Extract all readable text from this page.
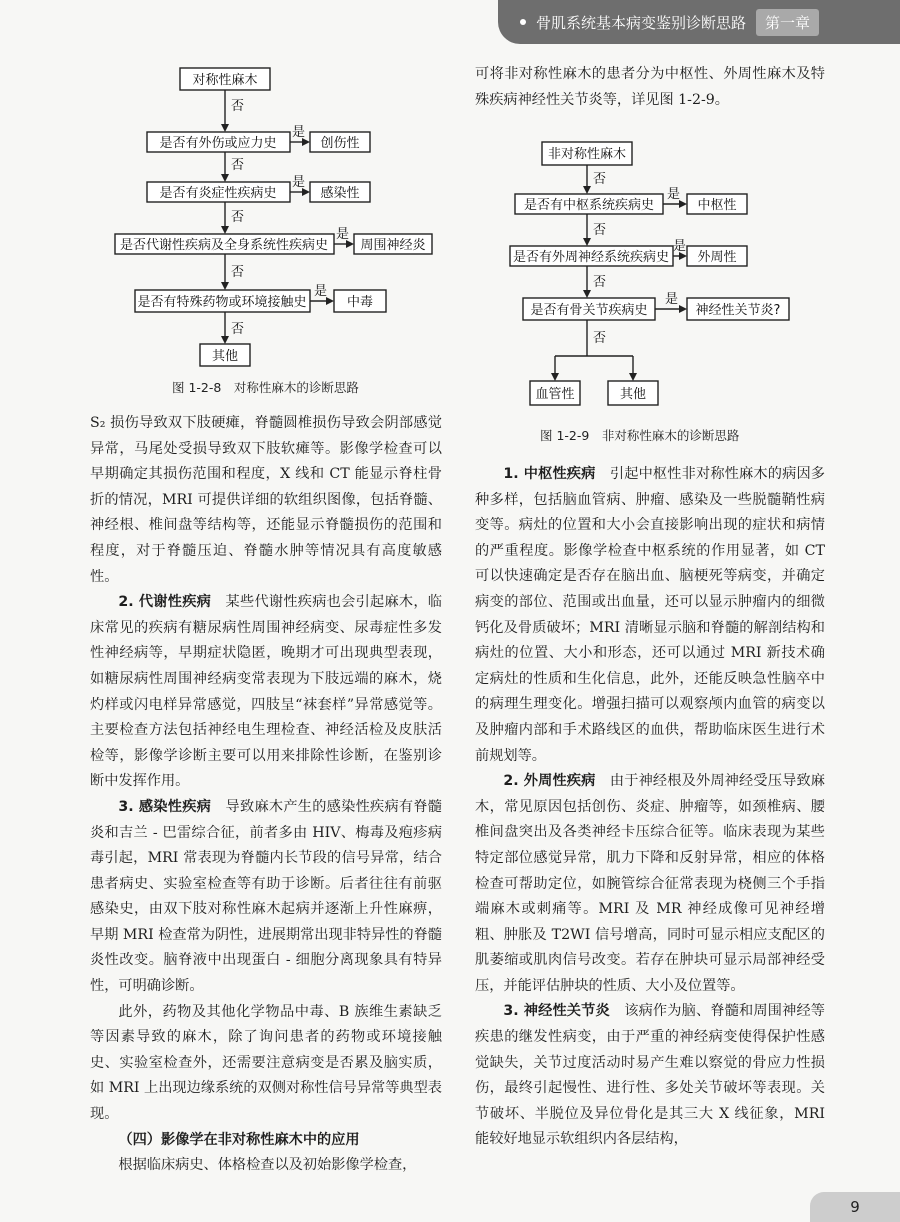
骨肌系统基本病变鉴别诊断思路	第一章
对称性麻木
是否有外伤或应力史	创伤性
是否有炎症性疾病史	感染性
是否代谢性疾病及全身系统性疾病史 周围神经炎
是否有特殊药物或环境接触史	中毒
其他
否
否
否
否
否
是
是
是
是
图 1-2-8　对称性麻木的诊断思路
非对称性麻木
是否有中枢系统疾病史	中枢性
是否有外周神经系统疾病史 外周性
是否有骨关节疾病史	神经性关节炎?
血管性	其他
否
否
否
否
是
是
是
图 1-2-9　非对称性麻木的诊断思路

S₂ 损伤导致双下肢硬瘫，脊髓圆椎损伤导致会阴部感觉异常，马尾处受损导致双下肢软瘫等。影像学检查可以早期确定其损伤范围和程度，X 线和 CT 能显示脊柱骨折的情况，MRI 可提供详细的软组织图像，包括脊髓、神经根、椎间盘等结构等，还能显示脊髓损伤的范围和程度，对于脊髓压迫、脊髓水肿等情况具有高度敏感性。

2. 代谢性疾病　 某些代谢性疾病也会引起麻木，临床常见的疾病有糖尿病性周围神经病变、尿毒症性多发性神经病等，早期症状隐匿，晚期才可出现典型表现，如糖尿病性周围神经病变常表现为下肢远端的麻木，烧灼样或闪电样异常感觉，四肢呈“袜套样”异常感觉等。主要检查方法包括神经电生理检查、神经活检及皮肤活检等，影像学诊断主要可以用来排除性诊断，在鉴别诊断中发挥作用。

3. 感染性疾病　 导致麻木产生的感染性疾病有脊髓炎和吉兰 - 巴雷综合征，前者多由 HIV、梅毒及疱疹病毒引起，MRI 常表现为脊髓内长节段的信号异常，结合患者病史、实验室检查等有助于诊断。后者往往有前驱感染史，由双下肢对称性麻木起病并逐渐上升性麻痹，早期 MRI 检查常为阴性，进展期常出现非特异性的脊髓炎性改变。脑脊液中出现蛋白 - 细胞分离现象具有特异性，可明确诊断。

此外，药物及其他化学物品中毒、B 族维生素缺乏等因素导致的麻木，除了询问患者的药物或环境接触史、实验室检查外，还需要注意病变是否累及脑实质，如 MRI 上出现边缘系统的双侧对称性信号异常等典型表现。

（四）影像学在非对称性麻木中的应用

根据临床病史、体格检查以及初始影像学检查，

可将非对称性麻木的患者分为中枢性、外周性麻木及特殊疾病神经性关节炎等，详见图 1-2-9。

1. 中枢性疾病　 引起中枢性非对称性麻木的病因多种多样，包括脑血管病、肿瘤、感染及一些脱髓鞘性病变等。病灶的位置和大小会直接影响出现的症状和病情的严重程度。影像学检查中枢系统的作用显著，如 CT 可以快速确定是否存在脑出血、脑梗死等病变，并确定病变的部位、范围或出血量，还可以显示肿瘤内的细微钙化及骨质破坏；MRI 清晰显示脑和脊髓的解剖结构和病灶的位置、大小和形态，还可以通过 MRI 新技术确定病灶的性质和生化信息，此外，还能反映急性脑卒中的病理生理变化。增强扫描可以观察颅内血管的病变以及肿瘤内部和手术路线区的血供，帮助临床医生进行术前规划等。

2. 外周性疾病　 由于神经根及外周神经受压导致麻木，常见原因包括创伤、炎症、肿瘤等，如颈椎病、腰椎间盘突出及各类神经卡压综合征等。临床表现为某些特定部位感觉异常，肌力下降和反射异常，相应的体格检查可帮助定位，如腕管综合征常表现为桡侧三个手指端麻木或刺痛等。MRI 及 MR 神经成像可见神经增粗、肿胀及 T2WI 信号增高，同时可显示相应支配区的肌萎缩或肌肉信号改变。若存在肿块可显示局部神经受压，并能评估肿块的性质、大小及位置等。

3. 神经性关节炎　 该病作为脑、脊髓和周围神经等疾患的继发性病变，由于严重的神经病变使得保护性感觉缺失，关节过度活动时易产生难以察觉的骨应力性损伤，最终引起慢性、进行性、多处关节破坏等表现。关节破坏、半脱位及异位骨化是其三大 X 线征象，MRI 能较好地显示软组织内各层结构，

9
